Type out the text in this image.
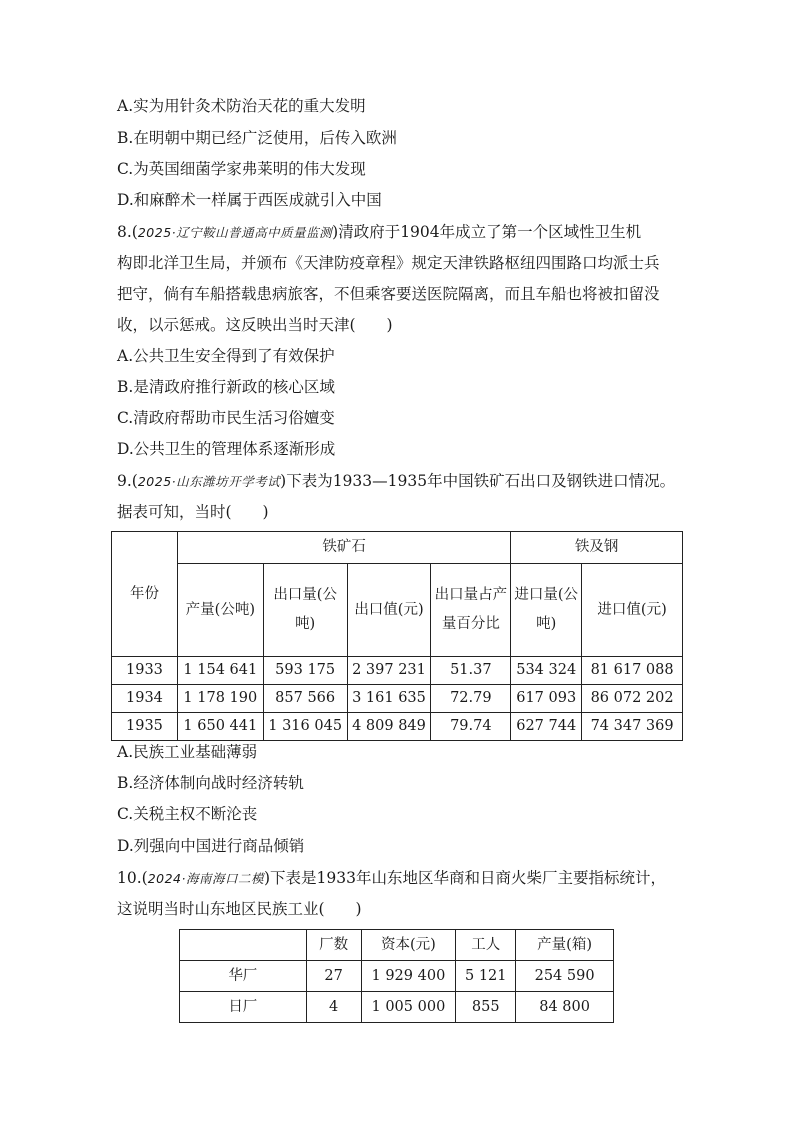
A.实为用针灸术防治天花的重大发明
B.在明朝中期已经广泛使用，后传入欧洲
C.为英国细菌学家弗莱明的伟大发现
D.和麻醉术一样属于西医成就引入中国
8.(2025·辽宁鞍山普通高中质量监测)清政府于1904年成立了第一个区域性卫生机
构即北洋卫生局，并颁布《天津防疫章程》规定天津铁路枢纽四围路口均派士兵
把守，倘有车船搭载患病旅客，不但乘客要送医院隔离，而且车船也将被扣留没
收，以示惩戒。这反映出当时天津(　　)
A.公共卫生安全得到了有效保护
B.是清政府推行新政的核心区域
C.清政府帮助市民生活习俗嬗变
D.公共卫生的管理体系逐渐形成
9.(2025·山东潍坊开学考试)下表为1933—1935年中国铁矿石出口及钢铁进口情况。
据表可知，当时(　　)
年份	铁矿石				铁及钢	
	产量(公吨)	出口量(公吨)	出口值(元)	出口量占产量百分比	进口量(公吨)	进口值(元)
1933	1 154 641	593 175	2 397 231	51.37	534 324	81 617 088
1934	1 178 190	857 566	3 161 635	72.79	617 093	86 072 202
1935	1 650 441	1 316 045	4 809 849	79.74	627 744	74 347 369
A.民族工业基础薄弱
B.经济体制向战时经济转轨
C.关税主权不断沦丧
D.列强向中国进行商品倾销
10.(2024·海南海口二模)下表是1933年山东地区华商和日商火柴厂主要指标统计，
这说明当时山东地区民族工业(　　)
	厂数	资本(元)	工人	产量(箱)
华厂	27	1 929 400	5 121	254 590
日厂	4	1 005 000	855	84 800
